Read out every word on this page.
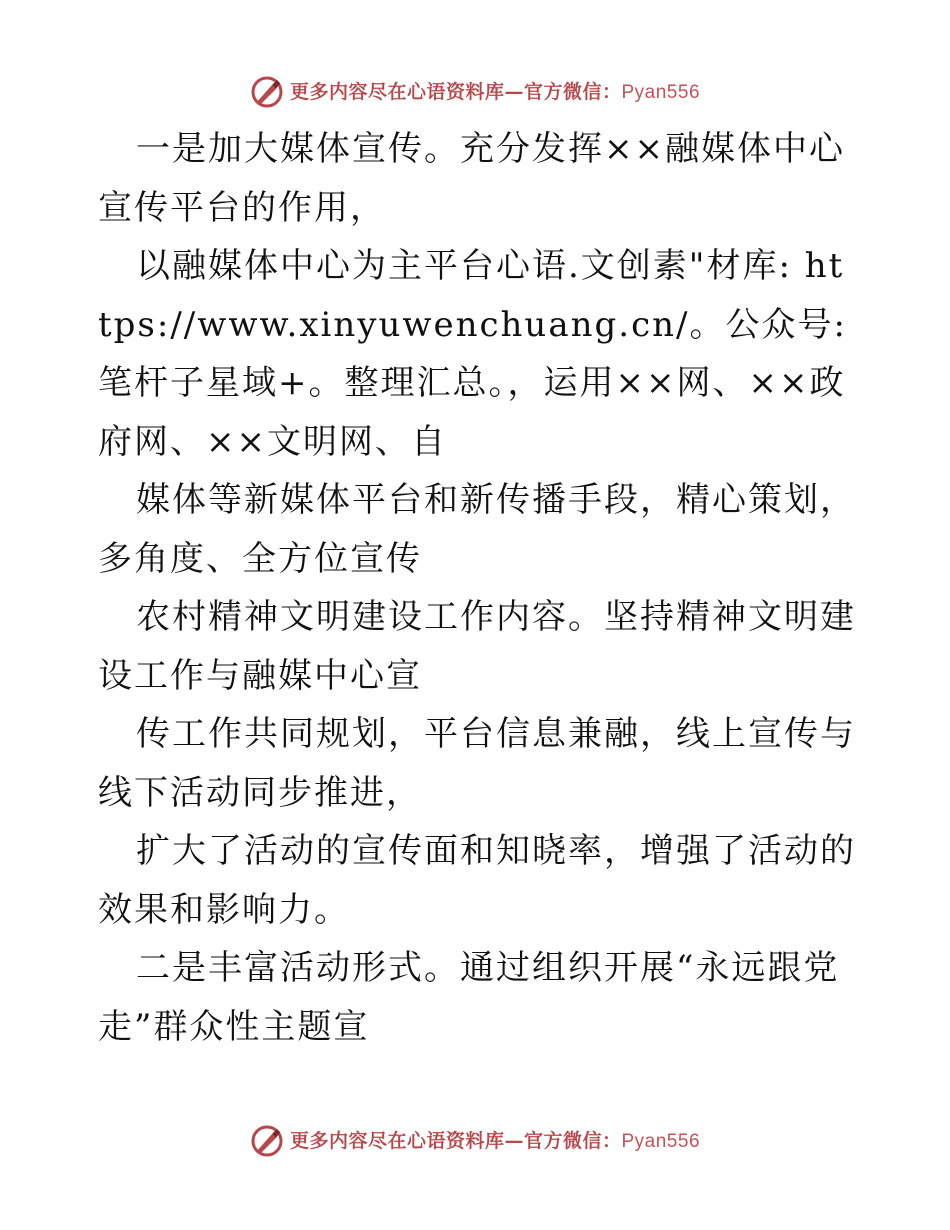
更多内容尽在心语资料库—官方微信：Pyan556

一是加大媒体宣传。充分发挥××融媒体中心宣传平台的作用，

以融媒体中心为主平台心语.文创素"材库: https://www.xinyuwenchuang.cn/。公众号: 笔杆子星域+。整理汇总。，运用××网、××政府网、××文明网、自

媒体等新媒体平台和新传播手段，精心策划，多角度、全方位宣传

农村精神文明建设工作内容。坚持精神文明建设工作与融媒中心宣

传工作共同规划，平台信息兼融，线上宣传与线下活动同步推进，

扩大了活动的宣传面和知晓率，增强了活动的效果和影响力。

二是丰富活动形式。通过组织开展“永远跟党走”群众性主题宣

更多内容尽在心语资料库—官方微信：Pyan556
